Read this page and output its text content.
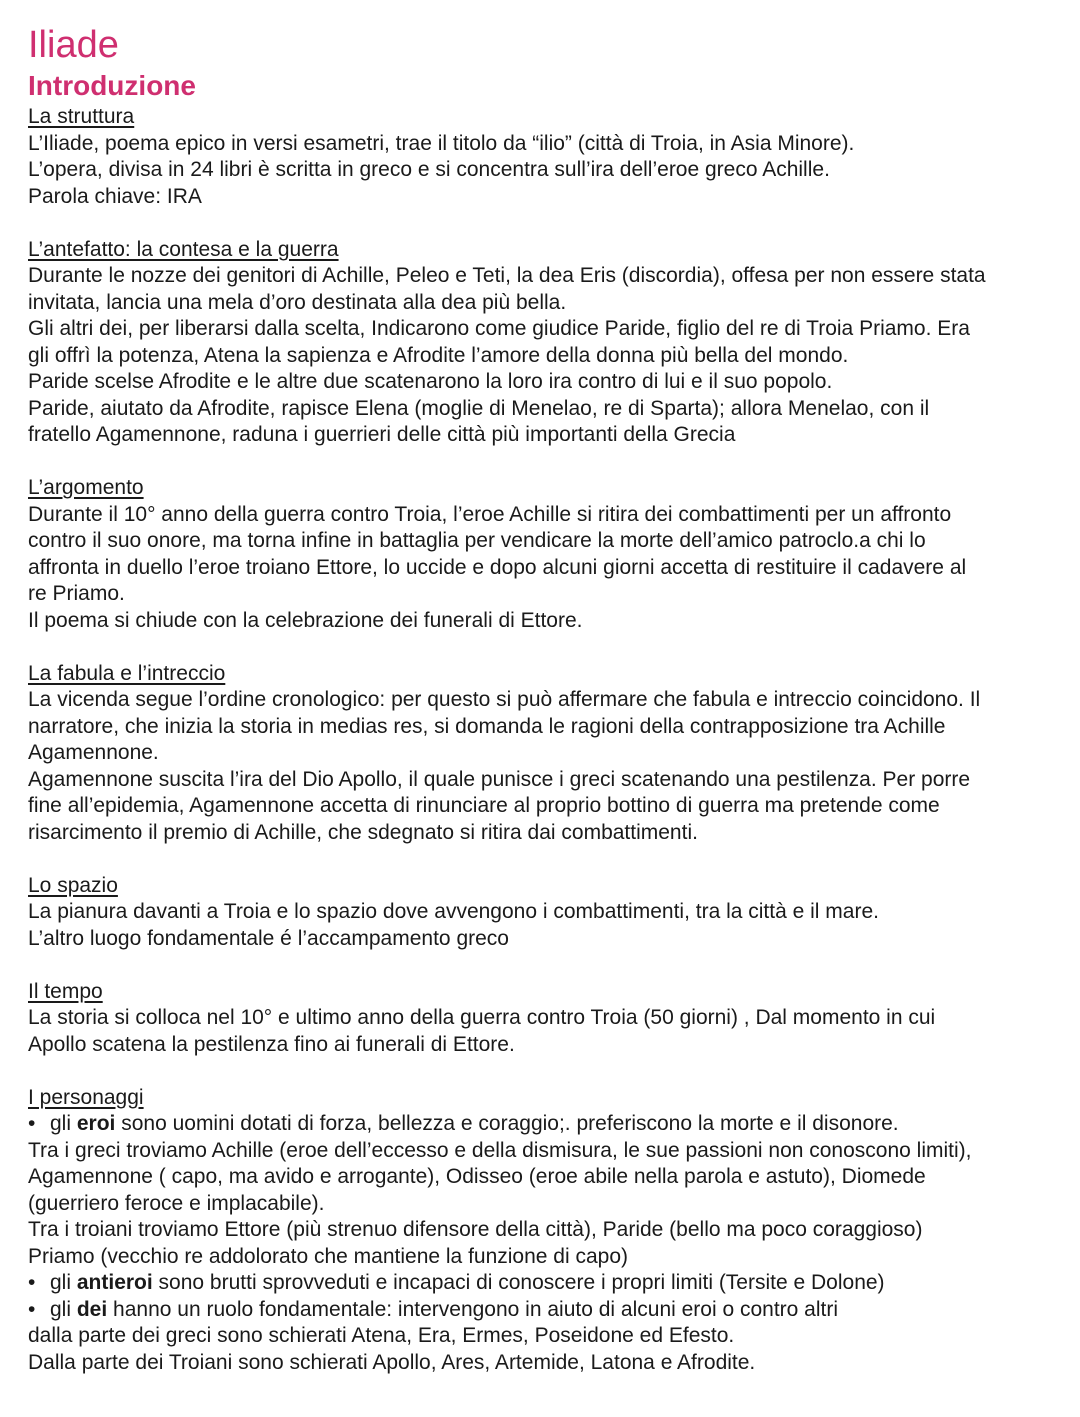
Iliade
Introduzione
La struttura

L’Iliade, poema epico in versi esametri, trae il titolo da “ilio” (città di Troia, in Asia Minore).

L’opera, divisa in 24 libri è scritta in greco e si concentra sull’ira dell’eroe greco Achille.

Parola chiave: IRA

L’antefatto: la contesa e la guerra

Durante le nozze dei genitori di Achille, Peleo e Teti, la dea Eris (discordia), offesa per non essere stata

invitata, lancia una mela d’oro destinata alla dea più bella.

Gli altri dei, per liberarsi dalla scelta, Indicarono come giudice Paride, figlio del re di Troia Priamo. Era

gli offrì la potenza, Atena la sapienza e Afrodite l’amore della donna più bella del mondo.

Paride scelse Afrodite e le altre due scatenarono la loro ira contro di lui e il suo popolo.

Paride, aiutato da Afrodite, rapisce Elena (moglie di Menelao, re di Sparta); allora Menelao, con il

fratello Agamennone, raduna i guerrieri delle città più importanti della Grecia

L’argomento

Durante il 10° anno della guerra contro Troia, l’eroe Achille si ritira dei combattimenti per un affronto

contro il suo onore, ma torna infine in battaglia per vendicare la morte dell’amico patroclo.a chi lo

affronta in duello l’eroe troiano Ettore, lo uccide e dopo alcuni giorni accetta di restituire il cadavere al

re Priamo.

Il poema si chiude con la celebrazione dei funerali di Ettore.

La fabula e l’intreccio

La vicenda segue l’ordine cronologico: per questo si può affermare che fabula e intreccio coincidono. Il

narratore, che inizia la storia in medias res, si domanda le ragioni della contrapposizione tra Achille

Agamennone.

Agamennone suscita l’ira del Dio Apollo, il quale punisce i greci scatenando una pestilenza. Per porre

fine all’epidemia, Agamennone accetta di rinunciare al proprio bottino di guerra ma pretende come

risarcimento il premio di Achille, che sdegnato si ritira dai combattimenti.

Lo spazio

La pianura davanti a Troia e lo spazio dove avvengono i combattimenti, tra la città e il mare.

L’altro luogo fondamentale é l’accampamento greco

Il tempo

La storia si colloca nel 10° e ultimo anno della guerra contro Troia (50 giorni) , Dal momento in cui

Apollo scatena la pestilenza fino ai funerali di Ettore.

I personaggi

• gli eroi sono uomini dotati di forza, bellezza e coraggio;. preferiscono la morte e il disonore.

Tra i greci troviamo Achille (eroe dell’eccesso e della dismisura, le sue passioni non conoscono limiti),

Agamennone ( capo, ma avido e arrogante), Odisseo (eroe abile nella parola e astuto), Diomede

(guerriero feroce e implacabile).

Tra i troiani troviamo Ettore (più strenuo difensore della città), Paride (bello ma poco coraggioso)

Priamo (vecchio re addolorato che mantiene la funzione di capo)

• gli antieroi sono brutti sprovveduti e incapaci di conoscere i propri limiti (Tersite e Dolone)

• gli dei hanno un ruolo fondamentale: intervengono in aiuto di alcuni eroi o contro altri

dalla parte dei greci sono schierati Atena, Era, Ermes, Poseidone ed Efesto.

Dalla parte dei Troiani sono schierati Apollo, Ares, Artemide, Latona e Afrodite.
